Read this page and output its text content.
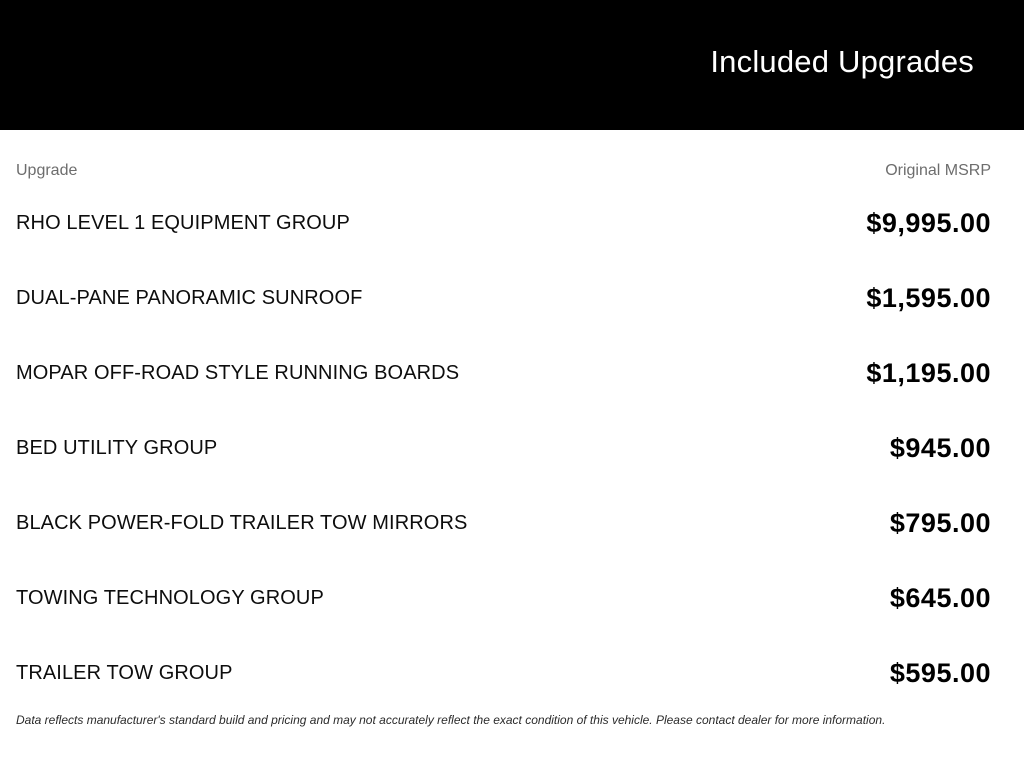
Included Upgrades
Upgrade	Original MSRP
RHO LEVEL 1 EQUIPMENT GROUP	$9,995.00
DUAL-PANE PANORAMIC SUNROOF	$1,595.00
MOPAR OFF-ROAD STYLE RUNNING BOARDS	$1,195.00
BED UTILITY GROUP	$945.00
BLACK POWER-FOLD TRAILER TOW MIRRORS	$795.00
TOWING TECHNOLOGY GROUP	$645.00
TRAILER TOW GROUP	$595.00
Data reflects manufacturer's standard build and pricing and may not accurately reflect the exact condition of this vehicle. Please contact dealer for more information.
